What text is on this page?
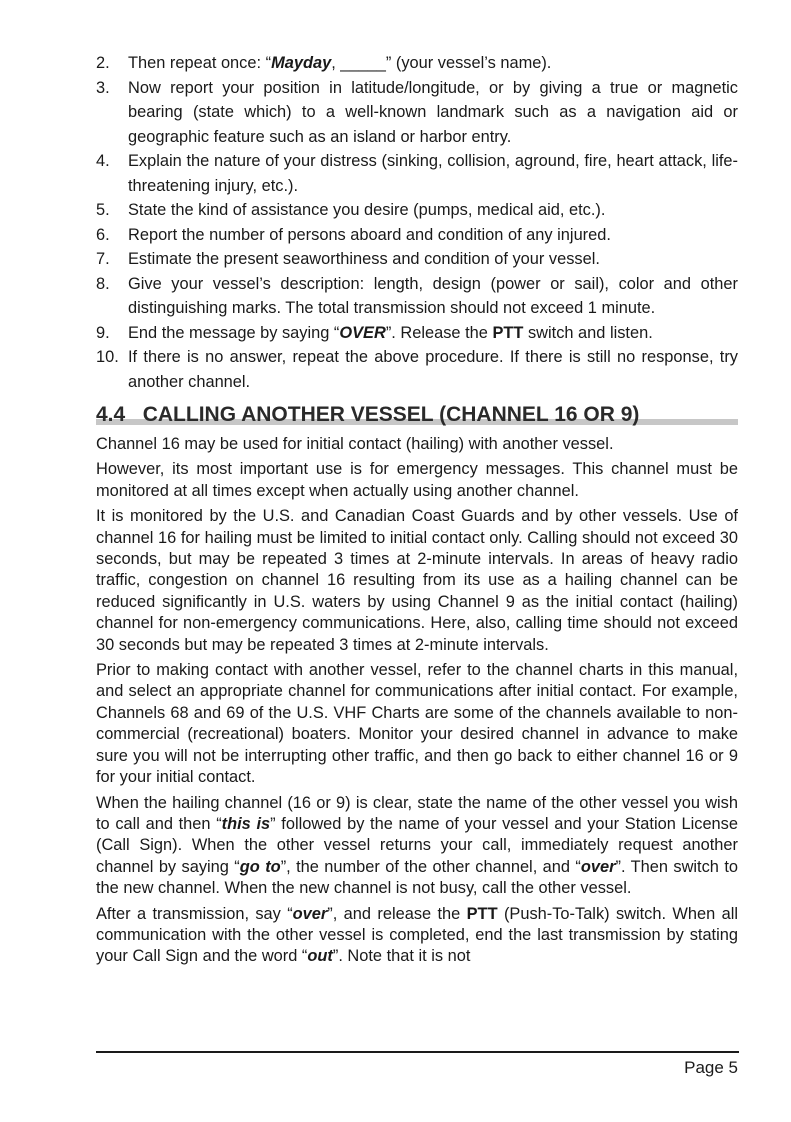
2. Then repeat once: “Mayday, _____” (your vessel’s name).
3. Now report your position in latitude/longitude, or by giving a true or magnetic bearing (state which) to a well-known landmark such as a navigation aid or geographic feature such as an island or harbor entry.
4. Explain the nature of your distress (sinking, collision, aground, fire, heart attack, life-threatening injury, etc.).
5. State the kind of assistance you desire (pumps, medical aid, etc.).
6. Report the number of persons aboard and condition of any injured.
7. Estimate the present seaworthiness and condition of your vessel.
8. Give your vessel’s description: length, design (power or sail), color and other distinguishing marks. The total transmission should not exceed 1 minute.
9. End the message by saying “OVER”. Release the PTT switch and listen.
10. If there is no answer, repeat the above procedure. If there is still no response, try another channel.
4.4 CALLING ANOTHER VESSEL (CHANNEL 16 OR 9)

Channel 16 may be used for initial contact (hailing) with another vessel.

However, its most important use is for emergency messages. This channel must be monitored at all times except when actually using another channel.

It is monitored by the U.S. and Canadian Coast Guards and by other vessels. Use of channel 16 for hailing must be limited to initial contact only. Calling should not exceed 30 seconds, but may be repeated 3 times at 2-minute intervals. In areas of heavy radio traffic, congestion on channel 16 resulting from its use as a hailing channel can be reduced significantly in U.S. waters by using Channel 9 as the initial contact (hailing) channel for non-emergency communications. Here, also, calling time should not exceed 30 seconds but may be repeated 3 times at 2-minute intervals.

Prior to making contact with another vessel, refer to the channel charts in this manual, and select an appropriate channel for communications after initial contact. For example, Channels 68 and 69 of the U.S. VHF Charts are some of the channels available to non-commercial (recreational) boaters. Monitor your desired channel in advance to make sure you will not be interrupting other traffic, and then go back to either channel 16 or 9 for your initial contact.

When the hailing channel (16 or 9) is clear, state the name of the other vessel you wish to call and then “this is” followed by the name of your vessel and your Station License (Call Sign). When the other vessel returns your call, immediately request another channel by saying “go to”, the number of the other channel, and “over”. Then switch to the new channel. When the new channel is not busy, call the other vessel.

After a transmission, say “over”, and release the PTT (Push-To-Talk) switch. When all communication with the other vessel is completed, end the last transmission by stating your Call Sign and the word “out”. Note that it is not

Page 5
